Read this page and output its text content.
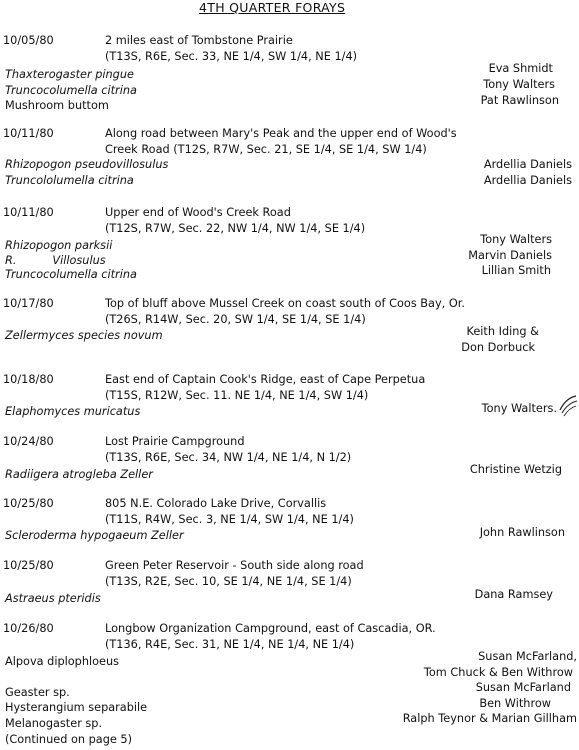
4TH QUARTER FORAYS
10/05/80	2 miles east of Tombstone Prairie
(T13S, R6E, Sec. 33, NE 1/4, SW 1/4, NE 1/4)
Thaxterogaster pingue	Eva Shmidt
Truncocolumella citrina	Tony Walters
Mushroom buttom	Pat Rawlinson
10/11/80	Along road between Mary's Peak and the upper end of Wood's
Creek Road (T12S, R7W, Sec. 21, SE 1/4, SE 1/4, SW 1/4)
Rhizopogon pseudovillosulus	Ardellia Daniels
Truncololumella citrina	Ardellia Daniels
10/11/80	Upper end of Wood's Creek Road
(T12S, R7W, Sec. 22, NW 1/4, NW 1/4, SE 1/4)
Rhizopogon parksii	Tony Walters
R.          Villosulus	Marvin Daniels
Truncocolumella citrina	Lillian Smith
10/17/80	Top of bluff above Mussel Creek on coast south of Coos Bay, Or.
(T26S, R14W, Sec. 20, SW 1/4, SE 1/4, SE 1/4)
Zellermyces species novum	Keith Iding &
Don Dorbuck
10/18/80	East end of Captain Cook's Ridge, east of Cape Perpetua
(T15S, R12W, Sec. 11. NE 1/4, NE 1/4, SW 1/4)
Elaphomyces muricatus	Tony Walters.
10/24/80	Lost Prairie Campground
(T13S, R6E, Sec. 34, NW 1/4, NE 1/4, N 1/2)
Radiigera atrogleba Zeller	Christine Wetzig
10/25/80	805 N.E. Colorado Lake Drive, Corvallis
(T11S, R4W, Sec. 3, NE 1/4, SW 1/4, NE 1/4)
Scleroderma hypogaeum Zeller	John Rawlinson
10/25/80	Green Peter Reservoir - South side along road
(T13S, R2E, Sec. 10, SE 1/4, NE 1/4, SE 1/4)
Astraeus pteridis	Dana Ramsey
10/26/80	Longbow Organization Campground, east of Cascadia, OR.
(T136, R4E, Sec. 31, NE 1/4, NE 1/4, NE 1/4)
Alpova diplophloeus	Susan McFarland,
Tom Chuck & Ben Withrow
Geaster sp.	Susan McFarland
Hysterangium separabile	Ben Withrow
Melanogaster sp.	Ralph Teynor & Marian Gillham
(Continued on page 5)
